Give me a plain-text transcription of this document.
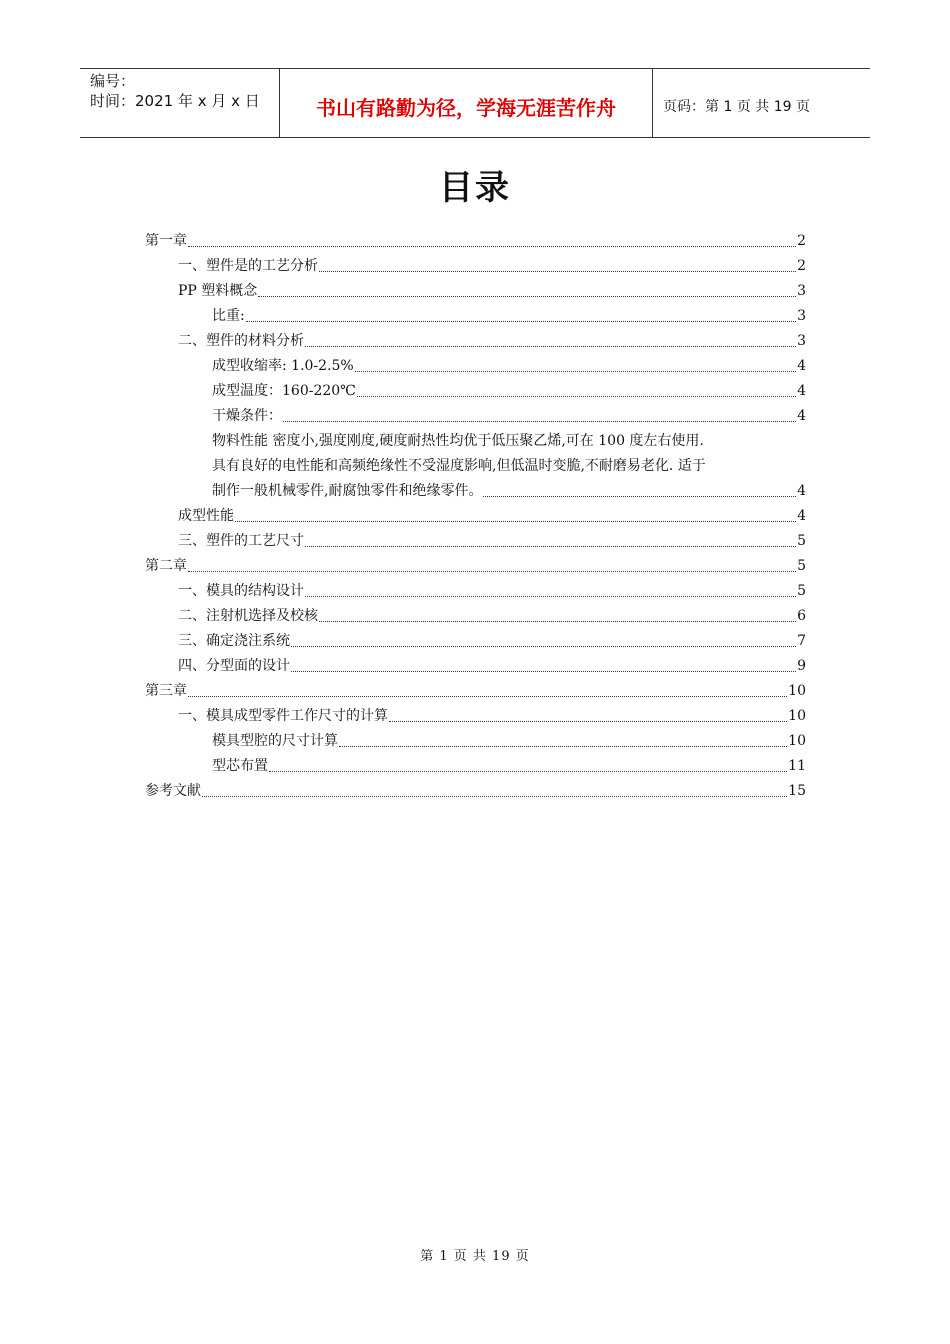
编号：
时间：2021 年 x 月 x 日	书山有路勤为径，学海无涯苦作舟	页码：第 1 页 共 19 页
目录
第一章	2
一、塑件是的工艺分析	2
PP 塑料概念	3
比重:	3
二、塑件的材料分析	3
成型收缩率: 1.0-2.5%	4
成型温度：160-220℃	4
干燥条件：	4
物料性能 密度小,强度刚度,硬度耐热性均优于低压聚乙烯,可在 100 度左右使用.
具有良好的电性能和高频绝缘性不受湿度影响,但低温时变脆,不耐磨易老化. 适于
制作一般机械零件,耐腐蚀零件和绝缘零件。	4
成型性能	4
三、塑件的工艺尺寸	5
第二章	5
一、模具的结构设计	5
二、注射机选择及校核	6
三、确定浇注系统	7
四、分型面的设计	9
第三章	10
一、模具成型零件工作尺寸的计算	10
模具型腔的尺寸计算	10
型芯布置	11
参考文献	15
第 1 页 共 19 页
